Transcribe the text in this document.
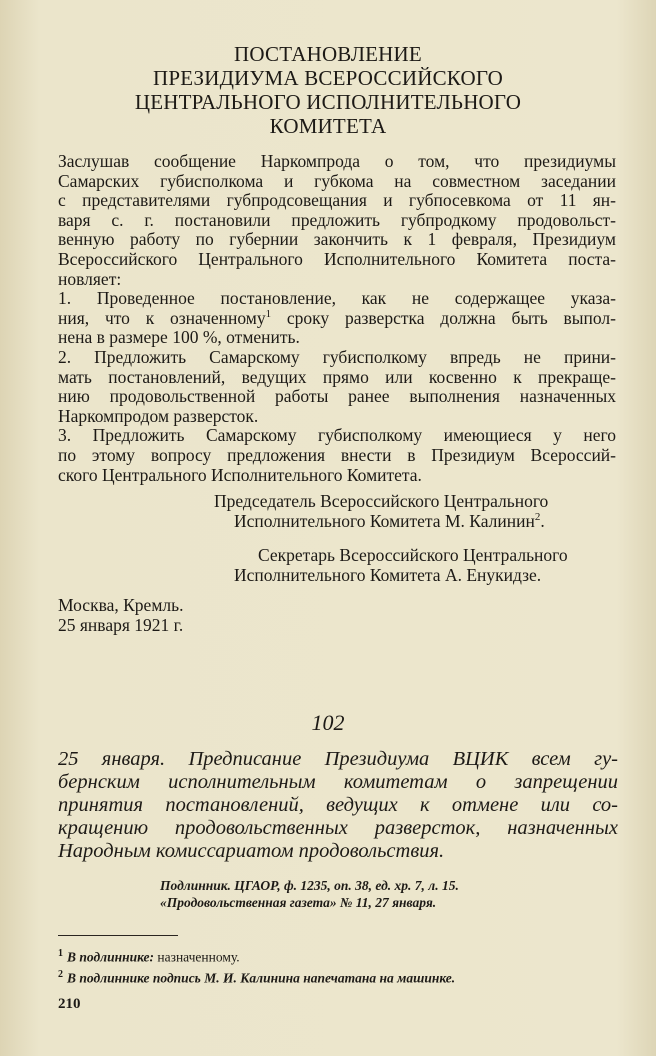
ПОСТАНОВЛЕНИЕ
ПРЕЗИДИУМА ВСЕРОССИЙСКОГО
ЦЕНТРАЛЬНОГО ИСПОЛНИТЕЛЬНОГО
КОМИТЕТА
Заслушав сообщение Наркомпрода о том, что президиумы
Самарских губисполкома и губкома на совместном заседании
с представителями губпродсовещания и губпосевкома от 11 ян-
варя с. г. постановили предложить губпродкому продовольст-
венную работу по губернии закончить к 1 февраля, Президиум
Всероссийского Центрального Исполнительного Комитета поста-
новляет:
1. Проведенное постановление, как не содержащее указа-
ния, что к означенному$^1$ сроку разверстка должна быть выпол-
нена в размере 100 %, отменить.
2. Предложить Самарскому губисполкому впредь не прини-
мать постановлений, ведущих прямо или косвенно к прекраще-
нию продовольственной работы ранее выполнения назначенных
Наркомпродом разверсток.
3. Предложить Самарскому губисполкому имеющиеся у него
по этому вопросу предложения внести в Президиум Всероссий-
ского Центрального Исполнительного Комитета.
Председатель Всероссийского Центрального
Исполнительного Комитета М. Калинин$^2$.
Секретарь Всероссийского Центрального
Исполнительного Комитета А. Енукидзе.
Москва, Кремль.
25 января 1921 г.
102
25 января. Предписание Президиума ВЦИК всем гу-
бернским исполнительным комитетам о запрещении
принятия постановлений, ведущих к отмене или со-
кращению продовольственных разверсток, назначенных
Народным комиссариатом продовольствия.
Подлинник. ЦГАОР, ф. 1235, оп. 38, ед. хр. 7, л. 15.
«Продовольственная газета» № 11, 27 января.
$^1$ В подлиннике: назначенному.
$^2$ В подлиннике подпись М. И. Калинина напечатана на машинке.
210
